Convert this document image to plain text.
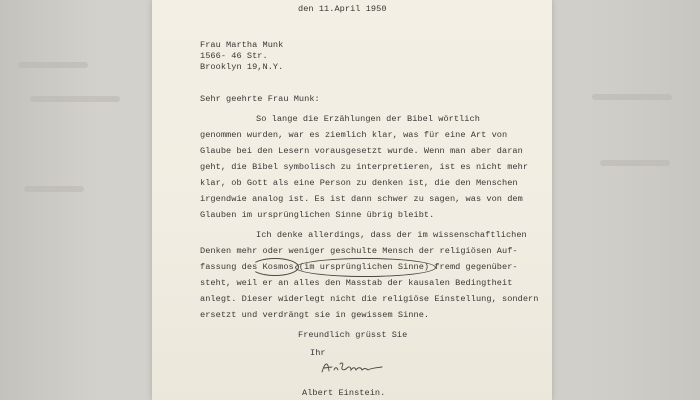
den 11.April 1950
Frau Martha Munk
1566- 46 Str.
Brooklyn 19,N.Y.
Sehr geehrte Frau Munk:
So lange die Erzählungen der Bibel wörtlich
genommen wurden, war es ziemlich klar, was für eine Art von
Glaube bei den Lesern vorausgesetzt wurde. Wenn man aber daran
geht, die Bibel symbolisch zu interpretieren, ist es nicht mehr
klar, ob Gott als eine Person zu denken ist, die den Menschen
irgendwie analog ist. Es ist dann schwer zu sagen, was von dem
Glauben im ursprünglichen Sinne übrig bleibt.
Ich denke allerdings, dass der im wissenschaftlichen
Denken mehr oder weniger geschulte Mensch der religiösen Auf-
fassung des Kosmos (im ursprünglichen Sinne) fremd gegenüber-
steht, weil er an alles den Masstab der kausalen Bedingtheit
anlegt. Dieser widerlegt nicht die religiöse Einstellung, sondern
ersetzt und verdrängt sie in gewissem Sinne.
Freundlich grüsst Sie
Ihr
Albert Einstein.
